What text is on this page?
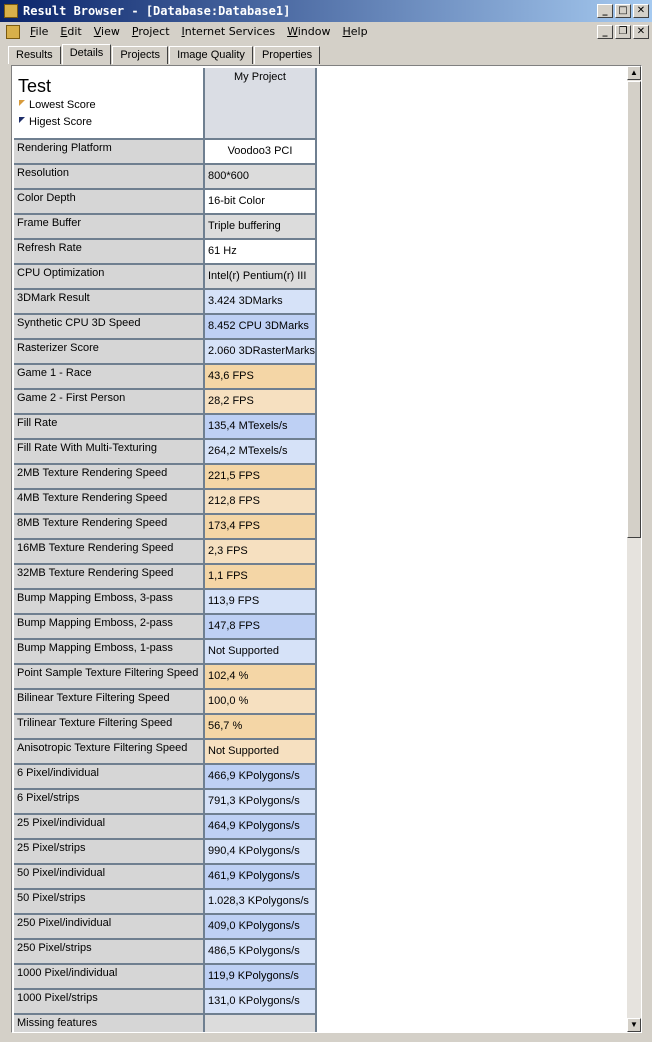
Result Browser - [Database:Database1]	_	□ ✕
File	Edit	View	Project	Internet Services	Window	Help	_	❐ ✕
Results	Details	Projects	Image Quality	Properties
Test
Lowest Score
Higest Score
My Project
Rendering Platform	Voodoo3 PCI
Resolution	800*600
Color Depth	16-bit Color
Frame Buffer	Triple buffering
Refresh Rate	61 Hz
CPU Optimization	Intel(r) Pentium(r) III
3DMark Result	3.424 3DMarks
Synthetic CPU 3D Speed	8.452 CPU 3DMarks
Rasterizer Score	2.060 3DRasterMarks
Game 1 - Race	43,6 FPS
Game 2 - First Person	28,2 FPS
Fill Rate	135,4 MTexels/s
Fill Rate With Multi-Texturing	264,2 MTexels/s
2MB Texture Rendering Speed	221,5 FPS
4MB Texture Rendering Speed	212,8 FPS
8MB Texture Rendering Speed	173,4 FPS
16MB Texture Rendering Speed	2,3 FPS
32MB Texture Rendering Speed	1,1 FPS
Bump Mapping Emboss, 3-pass	113,9 FPS
Bump Mapping Emboss, 2-pass	147,8 FPS
Bump Mapping Emboss, 1-pass	Not Supported
Point Sample Texture Filtering Speed 102,4 %
Bilinear Texture Filtering Speed	100,0 %
Trilinear Texture Filtering Speed	56,7 %
Anisotropic Texture Filtering Speed	Not Supported
6 Pixel/individual	466,9 KPolygons/s
6 Pixel/strips	791,3 KPolygons/s
25 Pixel/individual	464,9 KPolygons/s
25 Pixel/strips	990,4 KPolygons/s
50 Pixel/individual	461,9 KPolygons/s
50 Pixel/strips	1.028,3 KPolygons/s
250 Pixel/individual	409,0 KPolygons/s
250 Pixel/strips	486,5 KPolygons/s
1000 Pixel/individual	119,9 KPolygons/s
1000 Pixel/strips	131,0 KPolygons/s
Missing features
▲
▼
